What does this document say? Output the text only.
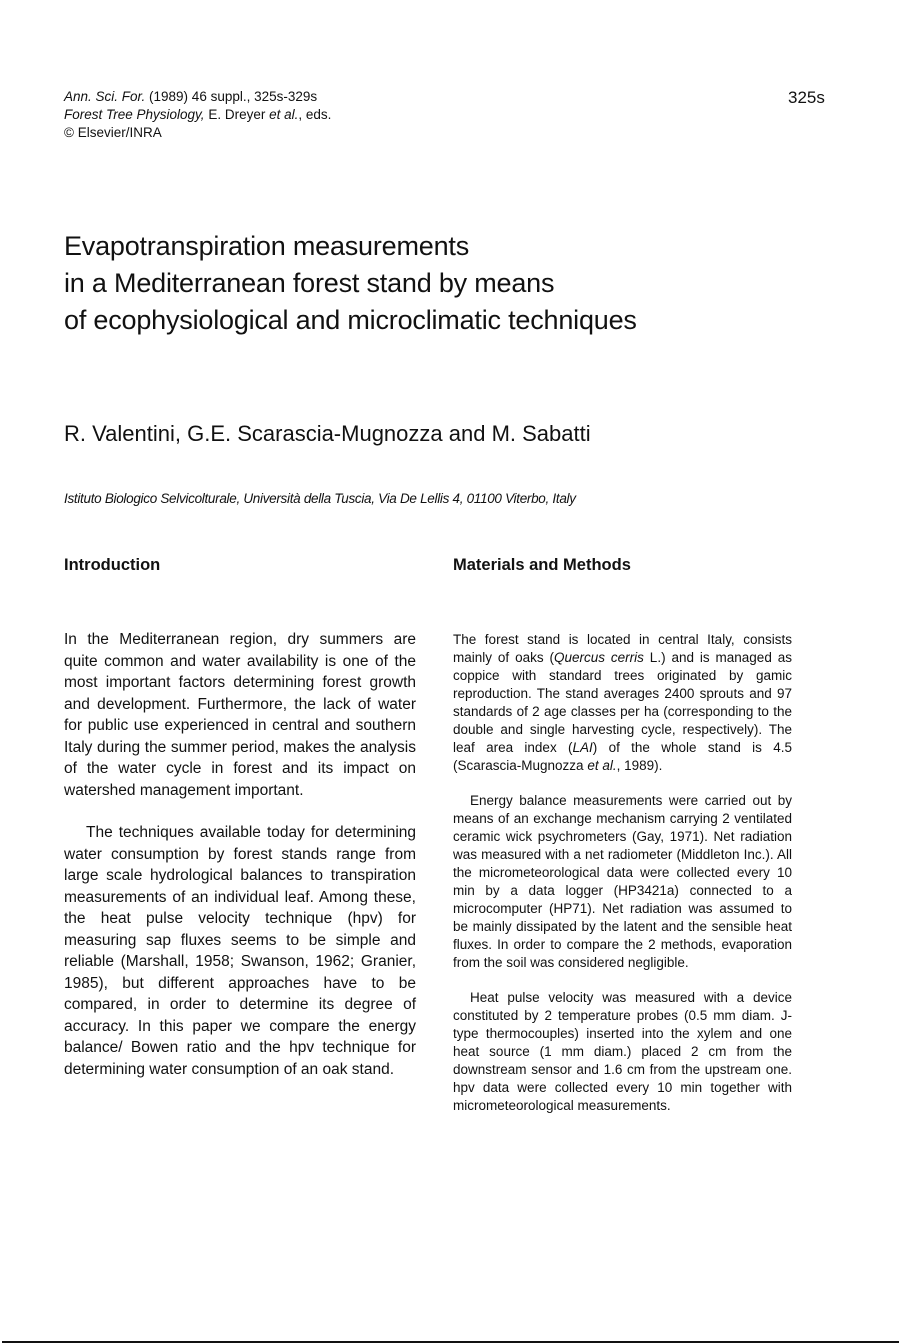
Ann. Sci. For. (1989) 46 suppl., 325s-329s
Forest Tree Physiology, E. Dreyer et al., eds.
© Elsevier/INRA
325s
Evapotranspiration measurements
in a Mediterranean forest stand by means
of ecophysiological and microclimatic techniques
R. Valentini, G.E. Scarascia-Mugnozza and M. Sabatti
Istituto Biologico Selvicolturale, Università della Tuscia, Via De Lellis 4, 01100 Viterbo, Italy
Introduction	Materials and Methods

In the Mediterranean region, dry summers are quite common and water availability is one of the most important factors determining forest growth and development. Furthermore, the lack of water for public use experienced in central and southern Italy during the summer period, makes the analysis of the water cycle in forest and its impact on watershed management important.

The techniques available today for determining water consumption by forest stands range from large scale hydrological balances to transpiration measurements of an individual leaf. Among these, the heat pulse velocity technique (hpv) for measuring sap fluxes seems to be simple and reliable (Marshall, 1958; Swanson, 1962; Granier, 1985), but different approaches have to be compared, in order to determine its degree of accuracy. In this paper we compare the energy balance/ Bowen ratio and the hpv technique for determining water consumption of an oak stand.

The forest stand is located in central Italy, consists mainly of oaks (Quercus cerris L.) and is managed as coppice with standard trees originated by gamic reproduction. The stand averages 2400 sprouts and 97 standards of 2 age classes per ha (corresponding to the double and single harvesting cycle, respectively). The leaf area index (LAI) of the whole stand is 4.5 (Scarascia-Mugnozza et al., 1989).

Energy balance measurements were carried out by means of an exchange mechanism carrying 2 ventilated ceramic wick psychrometers (Gay, 1971). Net radiation was measured with a net radiometer (Middleton Inc.). All the micrometeorological data were collected every 10 min by a data logger (HP3421a) connected to a microcomputer (HP71). Net radiation was assumed to be mainly dissipated by the latent and the sensible heat fluxes. In order to compare the 2 methods, evaporation from the soil was considered negligible.

Heat pulse velocity was measured with a device constituted by 2 temperature probes (0.5 mm diam. J-type thermocouples) inserted into the xylem and one heat source (1 mm diam.) placed 2 cm from the downstream sensor and 1.6 cm from the upstream one. hpv data were collected every 10 min together with micrometeorological measurements.
